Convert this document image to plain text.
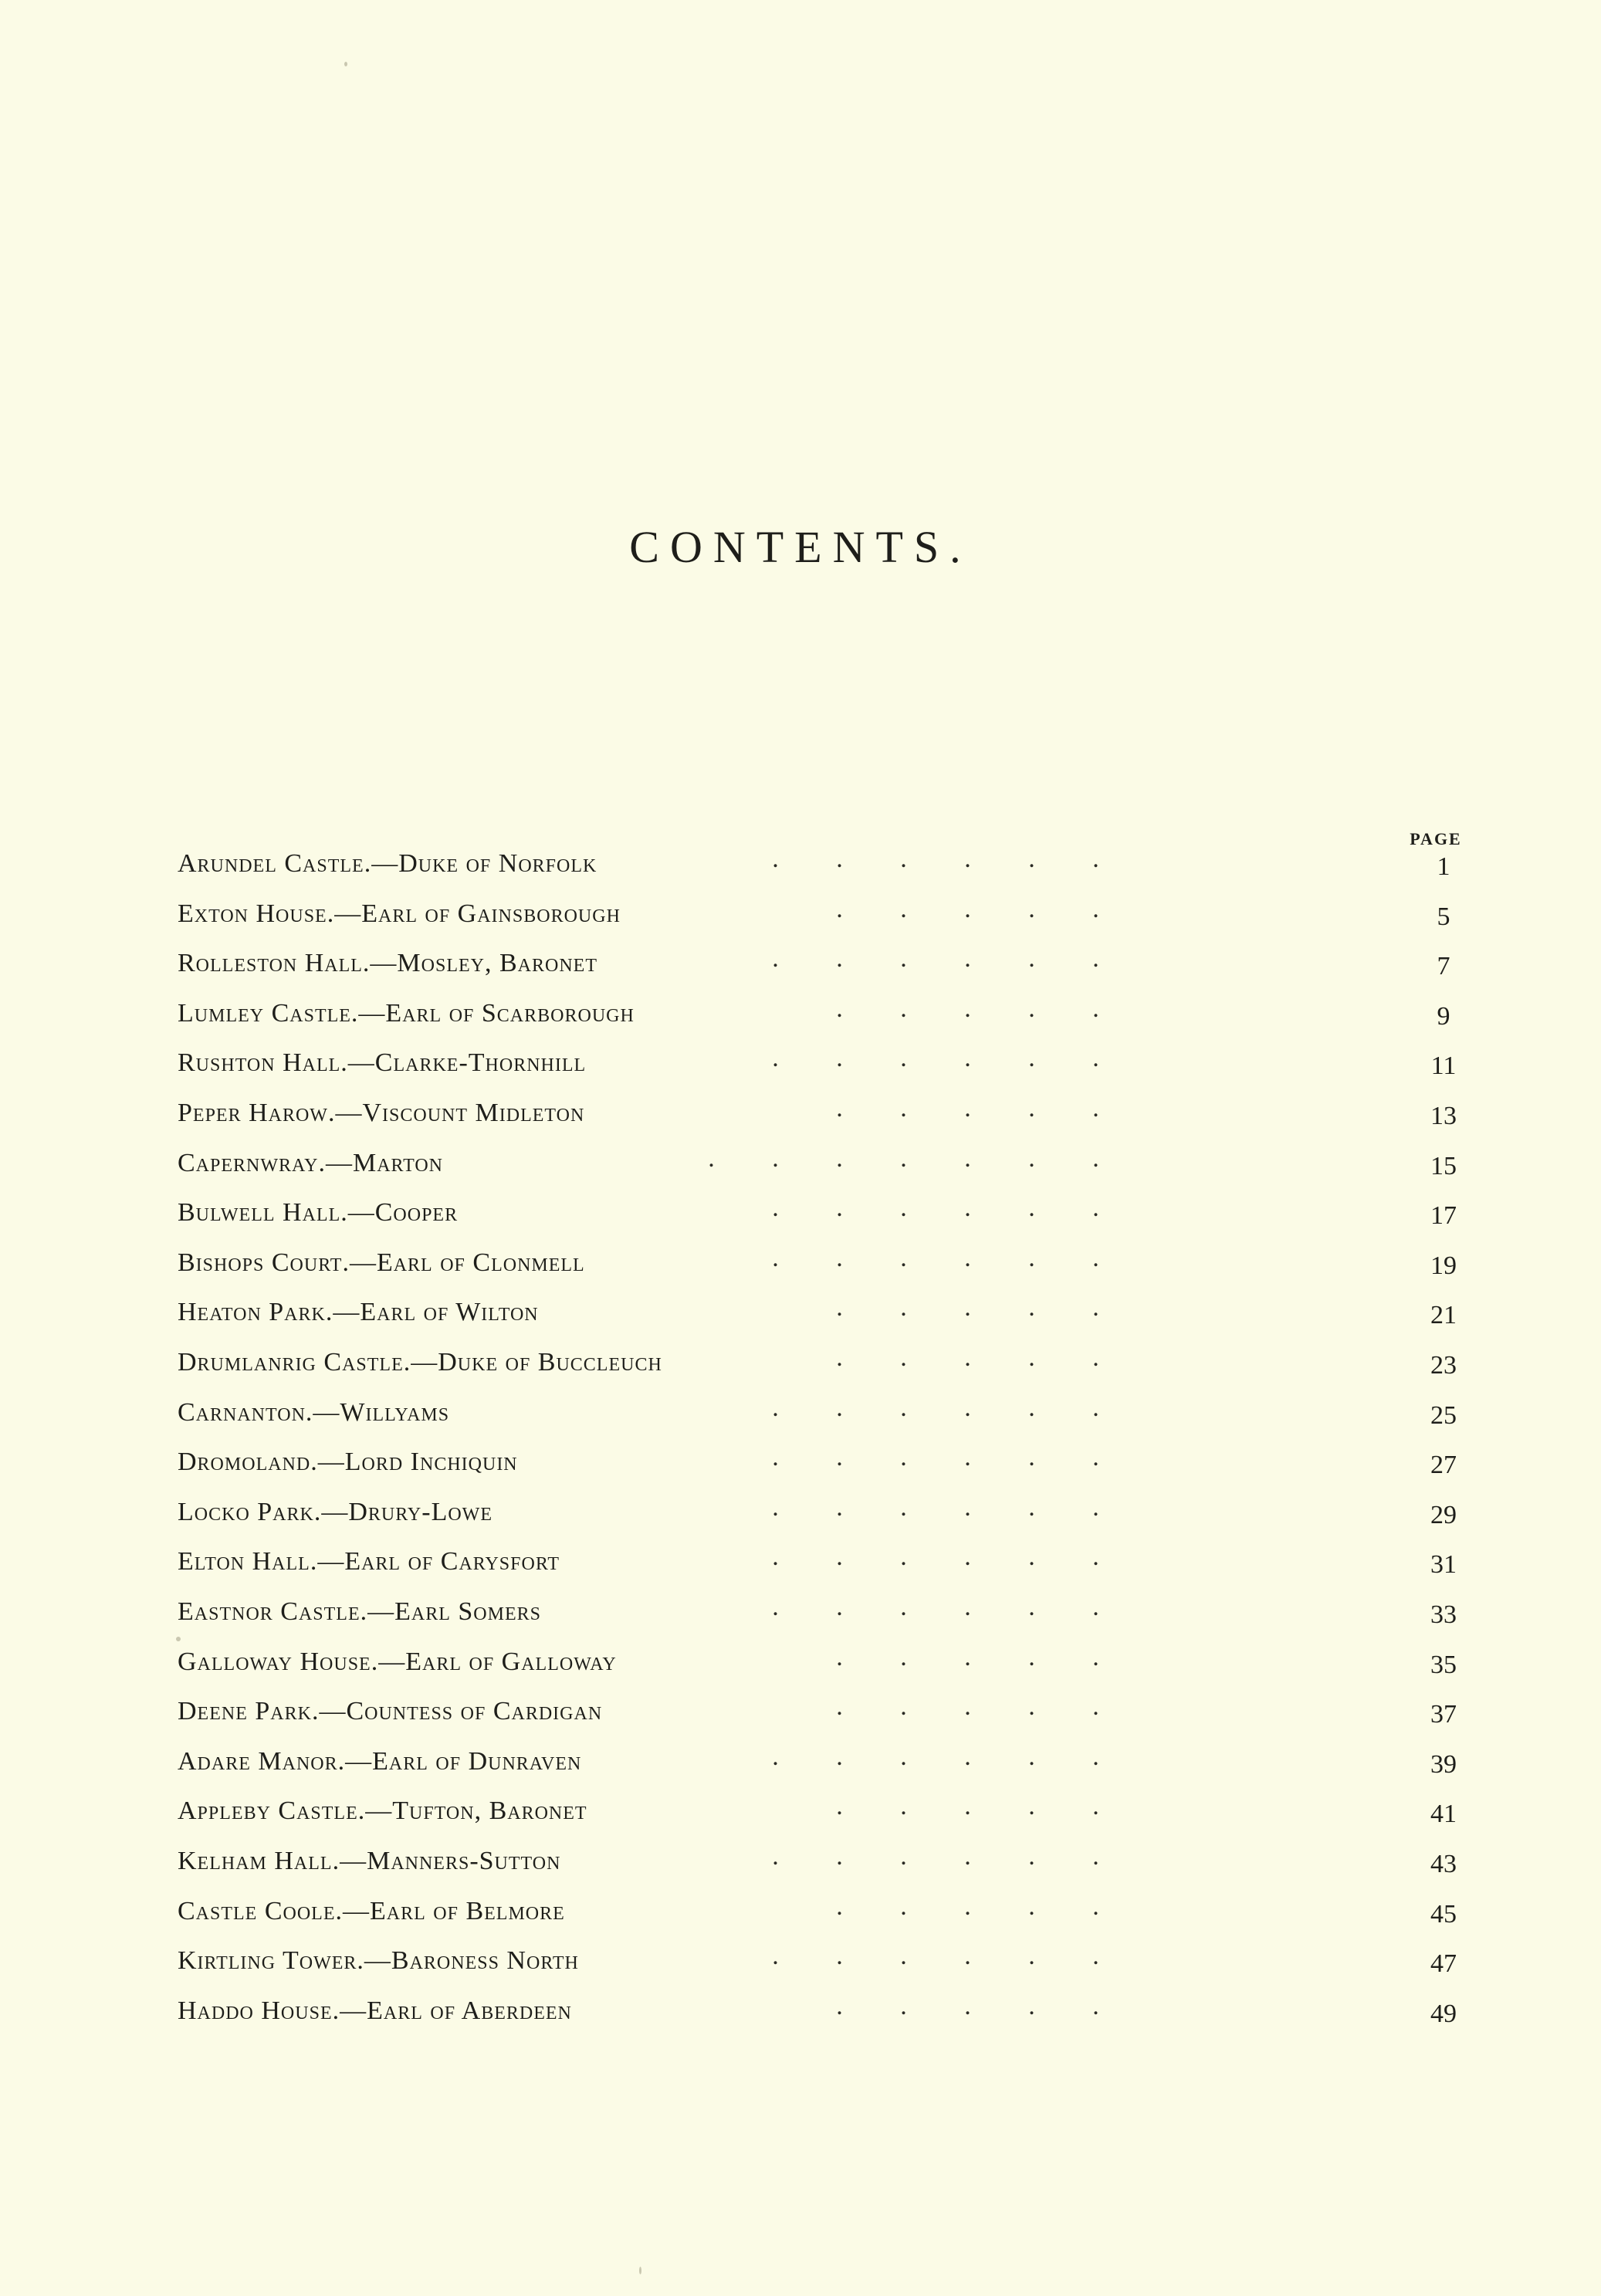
CONTENTS.
PAGE
Arundel Castle.—Duke of Norfolk	. . . . . .	1
Exton House.—Earl of Gainsborough	. . . . .	5
Rolleston Hall.—Mosley, Baronet	. . . . . .	7
Lumley Castle.—Earl of Scarborough	. . . . .	9
Rushton Hall.—Clarke-Thornhill	. . . . . .	11
Peper Harow.—Viscount Midleton	. . . . .	13
Capernwray.—Marton	. . . . . . .	15
Bulwell Hall.—Cooper	. . . . . .	17
Bishops Court.—Earl of Clonmell	. . . . . .	19
Heaton Park.—Earl of Wilton	. . . . .	21
Drumlanrig Castle.—Duke of Buccleuch	. . . . .	23
Carnanton.—Willyams	. . . . . .	25
Dromoland.—Lord Inchiquin	. . . . . .	27
Locko Park.—Drury-Lowe	. . . . . .	29
Elton Hall.—Earl of Carysfort	. . . . . .	31
Eastnor Castle.—Earl Somers	. . . . . .	33
Galloway House.—Earl of Galloway	. . . . .	35
Deene Park.—Countess of Cardigan	. . . . .	37
Adare Manor.—Earl of Dunraven	. . . . . .	39
Appleby Castle.—Tufton, Baronet	. . . . .	41
Kelham Hall.—Manners-Sutton	. . . . . .	43
Castle Coole.—Earl of Belmore	. . . . .	45
Kirtling Tower.—Baroness North	. . . . . .	47
Haddo House.—Earl of Aberdeen	. . . . .	49
